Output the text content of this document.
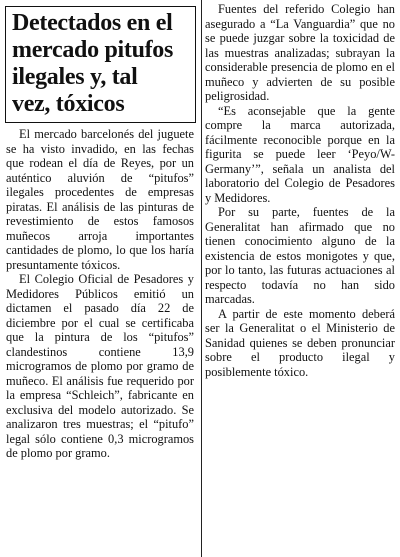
Detectados en el
mercado pitufos
ilegales y, tal
vez, tóxicos

El mercado barcelonés del juguete se ha visto invadido, en las fechas que rodean el día de Reyes, por un auténtico aluvión de “pitufos” ilegales procedentes de empresas piratas. El análisis de las pinturas de revestimiento de estos famosos muñecos arroja importantes cantidades de plomo, lo que los haría presuntamente tóxicos.

El Colegio Oficial de Pesadores y Medidores Públicos emitió un dictamen el pasado día 22 de diciembre por el cual se certificaba que la pintura de los “pitufos” clandestinos contiene 13,9 microgramos de plomo por gramo de muñeco. El análisis fue requerido por la empresa “Schleich”, fabricante en exclusiva del modelo autorizado. Se analizaron tres muestras; el “pitufo” legal sólo contiene 0,3 microgramos de plomo por gramo.

Fuentes del referido Colegio han asegurado a “La Vanguardia” que no se puede juzgar sobre la toxicidad de las muestras analizadas; subrayan la considerable presencia de plomo en el muñeco y advierten de su posible peligrosidad.

“Es aconsejable que la gente compre la marca autorizada, fácilmente reconocible porque en la figurita se puede leer ‘Peyo/W-Germany’”, señala un analista del laboratorio del Colegio de Pesadores y Medidores.

Por su parte, fuentes de la Generalitat han afirmado que no tienen conocimiento alguno de la existencia de estos monigotes y que, por lo tanto, las futuras actuaciones al respecto todavía no han sido marcadas.

A partir de este momento deberá ser la Generalitat o el Ministerio de Sanidad quienes se deben pronunciar sobre el producto ilegal y posiblemente tóxico.
